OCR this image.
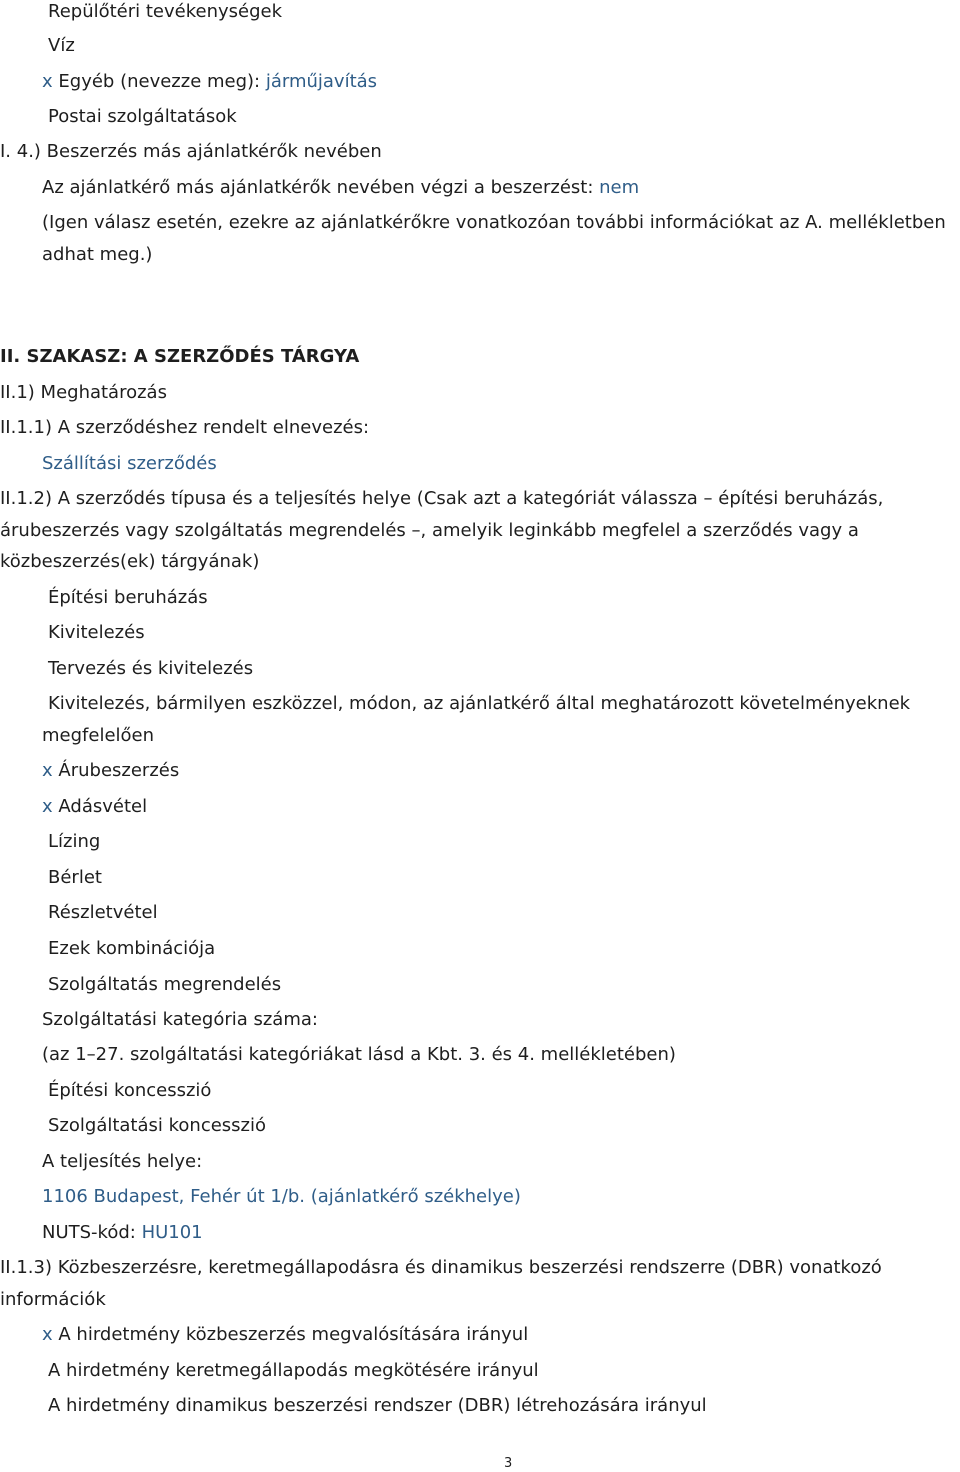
Repülőtéri tevékenységek
Víz
x Egyéb (nevezze meg): járműjavítás
Postai szolgáltatások
I. 4.) Beszerzés más ajánlatkérők nevében
Az ajánlatkérő más ajánlatkérők nevében végzi a beszerzést: nem
(Igen válasz esetén, ezekre az ajánlatkérőkre vonatkozóan további információkat az A. mellékletben
adhat meg.)
II. SZAKASZ: A SZERZŐDÉS TÁRGYA
II.1) Meghatározás
II.1.1) A szerződéshez rendelt elnevezés:
Szállítási szerződés
II.1.2) A szerződés típusa és a teljesítés helye (Csak azt a kategóriát válassza – építési beruházás,
árubeszerzés vagy szolgáltatás megrendelés –, amelyik leginkább megfelel a szerződés vagy a
közbeszerzés(ek) tárgyának)
Építési beruházás
Kivitelezés
Tervezés és kivitelezés
Kivitelezés, bármilyen eszközzel, módon, az ajánlatkérő által meghatározott követelményeknek
megfelelően
x Árubeszerzés
x Adásvétel
Lízing
Bérlet
Részletvétel
Ezek kombinációja
Szolgáltatás megrendelés
Szolgáltatási kategória száma:
(az 1–27. szolgáltatási kategóriákat lásd a Kbt. 3. és 4. mellékletében)
Építési koncesszió
Szolgáltatási koncesszió
A teljesítés helye:
1106 Budapest, Fehér út 1/b. (ajánlatkérő székhelye)
NUTS-kód: HU101
II.1.3) Közbeszerzésre, keretmegállapodásra és dinamikus beszerzési rendszerre (DBR) vonatkozó
információk
x A hirdetmény közbeszerzés megvalósítására irányul
A hirdetmény keretmegállapodás megkötésére irányul
A hirdetmény dinamikus beszerzési rendszer (DBR) létrehozására irányul
3
